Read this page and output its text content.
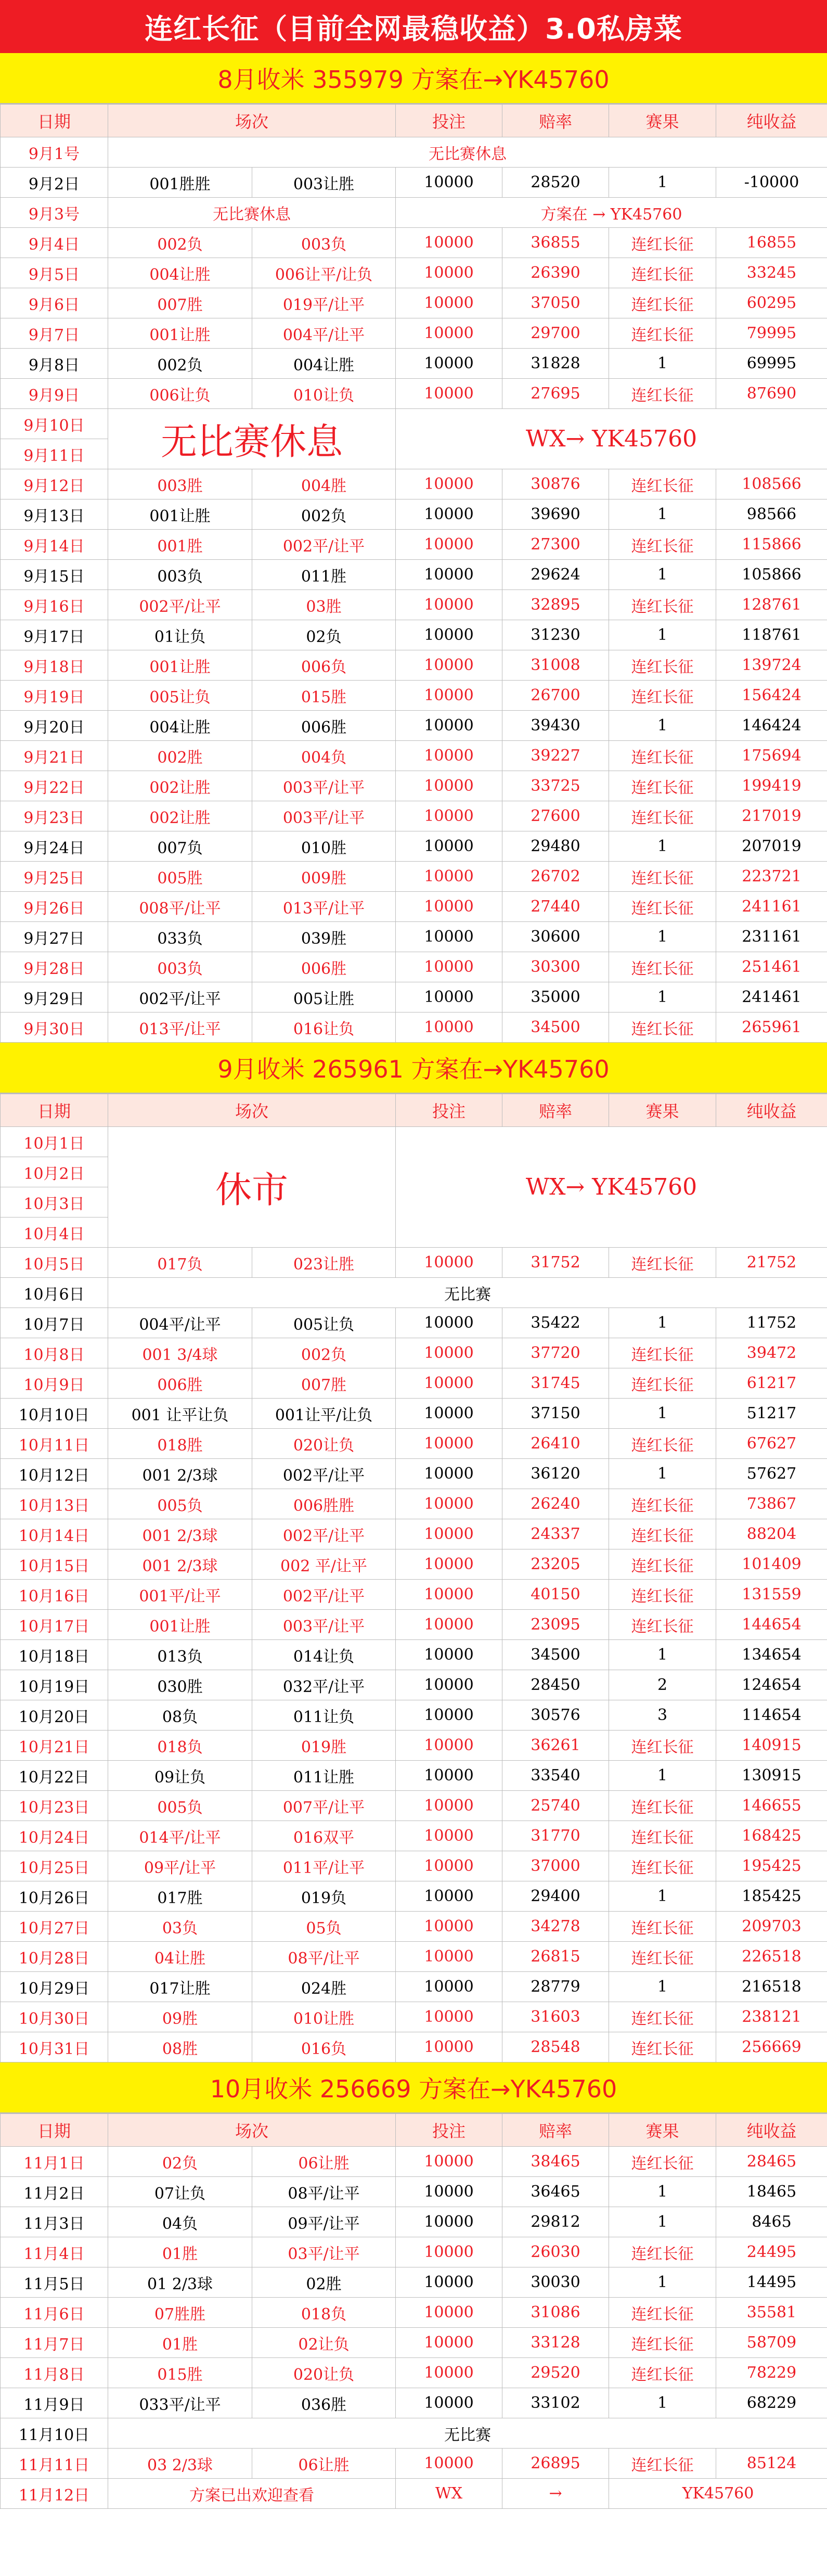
连红长征（目前全网最稳收益）3.0私房菜
8月收米 355979 方案在→YK45760
日期	场次		投注	赔率	赛果	纯收益
9月1号	无比赛休息					
9月2日	001胜胜	003让胜	10000	28520	1	-10000
9月3号	无比赛休息		方案在 → YK45760			
9月4日	002负	003负	10000	36855	连红长征	16855
9月5日	004让胜	006让平/让负	10000	26390	连红长征	33245
9月6日	007胜	019平/让平	10000	37050	连红长征	60295
9月7日	001让胜	004平/让平	10000	29700	连红长征	79995
9月8日	002负	004让胜	10000	31828	1	69995
9月9日	006让负	010让负	10000	27695	连红长征	87690
9月10日	无比赛休息		WX→ YK45760			
9月11日						
9月12日	003胜	004胜	10000	30876	连红长征	108566
9月13日	001让胜	002负	10000	39690	1	98566
9月14日	001胜	002平/让平	10000	27300	连红长征	115866
9月15日	003负	011胜	10000	29624	1	105866
9月16日	002平/让平	03胜	10000	32895	连红长征	128761
9月17日	01让负	02负	10000	31230	1	118761
9月18日	001让胜	006负	10000	31008	连红长征	139724
9月19日	005让负	015胜	10000	26700	连红长征	156424
9月20日	004让胜	006胜	10000	39430	1	146424
9月21日	002胜	004负	10000	39227	连红长征	175694
9月22日	002让胜	003平/让平	10000	33725	连红长征	199419
9月23日	002让胜	003平/让平	10000	27600	连红长征	217019
9月24日	007负	010胜	10000	29480	1	207019
9月25日	005胜	009胜	10000	26702	连红长征	223721
9月26日	008平/让平	013平/让平	10000	27440	连红长征	241161
9月27日	033负	039胜	10000	30600	1	231161
9月28日	003负	006胜	10000	30300	连红长征	251461
9月29日	002平/让平	005让胜	10000	35000	1	241461
9月30日	013平/让平	016让负	10000	34500	连红长征	265961
9月收米 265961 方案在→YK45760
日期	场次		投注	赔率	赛果	纯收益
10月1日	休市		WX→ YK45760			
10月2日						
10月3日						
10月4日						
10月5日	017负	023让胜	10000	31752	连红长征	21752
10月6日	无比赛					
10月7日	004平/让平	005让负	10000	35422	1	11752
10月8日	001 3/4球	002负	10000	37720	连红长征	39472
10月9日	006胜	007胜	10000	31745	连红长征	61217
10月10日	001 让平让负	001让平/让负	10000	37150	1	51217
10月11日	018胜	020让负	10000	26410	连红长征	67627
10月12日	001 2/3球	002平/让平	10000	36120	1	57627
10月13日	005负	006胜胜	10000	26240	连红长征	73867
10月14日	001 2/3球	002平/让平	10000	24337	连红长征	88204
10月15日	001 2/3球	002 平/让平	10000	23205	连红长征	101409
10月16日	001平/让平	002平/让平	10000	40150	连红长征	131559
10月17日	001让胜	003平/让平	10000	23095	连红长征	144654
10月18日	013负	014让负	10000	34500	1	134654
10月19日	030胜	032平/让平	10000	28450	2	124654
10月20日	08负	011让负	10000	30576	3	114654
10月21日	018负	019胜	10000	36261	连红长征	140915
10月22日	09让负	011让胜	10000	33540	1	130915
10月23日	005负	007平/让平	10000	25740	连红长征	146655
10月24日	014平/让平	016双平	10000	31770	连红长征	168425
10月25日	09平/让平	011平/让平	10000	37000	连红长征	195425
10月26日	017胜	019负	10000	29400	1	185425
10月27日	03负	05负	10000	34278	连红长征	209703
10月28日	04让胜	08平/让平	10000	26815	连红长征	226518
10月29日	017让胜	024胜	10000	28779	1	216518
10月30日	09胜	010让胜	10000	31603	连红长征	238121
10月31日	08胜	016负	10000	28548	连红长征	256669
10月收米 256669 方案在→YK45760
日期	场次		投注	赔率	赛果	纯收益
11月1日	02负	06让胜	10000	38465	连红长征	28465
11月2日	07让负	08平/让平	10000	36465	1	18465
11月3日	04负	09平/让平	10000	29812	1	8465
11月4日	01胜	03平/让平	10000	26030	连红长征	24495
11月5日	01 2/3球	02胜	10000	30030	1	14495
11月6日	07胜胜	018负	10000	31086	连红长征	35581
11月7日	01胜	02让负	10000	33128	连红长征	58709
11月8日	015胜	020让负	10000	29520	连红长征	78229
11月9日	033平/让平	036胜	10000	33102	1	68229
11月10日	无比赛					
11月11日	03 2/3球	06让胜	10000	26895	连红长征	85124
11月12日	方案已出欢迎查看		WX	→	YK45760	
